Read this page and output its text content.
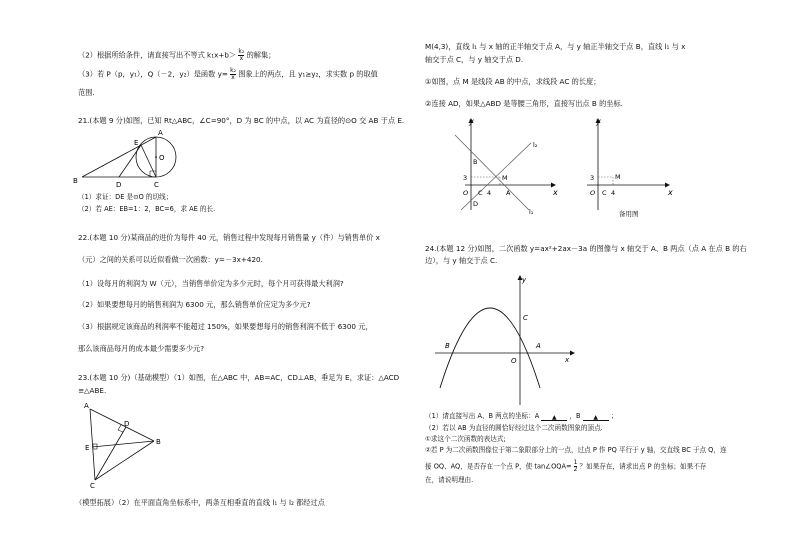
（2）根据所给条件，请直接写出不等式 $k_1x+b> \frac{\text{k₂}}{x}$ 的解集；
（3）若 P（p，y₁），Q（－2，y₂）是函数 $y= \frac{\text{k₂}}{x}$ 图象上的两点，且 y₁≥y₂，求实数 p 的取值
范围.
21.(本题 9 分)如图，已知 Rt△ABC，∠C=90°，D 为 BC 的中点，以 AC 为直径的⊙O 交 AB 于点 E.
A
E
O
B	D	C
（1）求证：DE 是⊙O 的切线；
（2）若 AE：EB=1：2，BC=6，求 AE 的长.
22.(本题 10 分)某商品的进价为每件 40 元，销售过程中发现每月销售量 y（件）与销售单价 x
（元）之间的关系可以近似看做一次函数：y=－3x+420.
（1）设每月的利润为 W（元），当销售单价定为多少元时，每个月可获得最大利润?
（2）如果要想每月的销售利润为 6300 元，那么销售单价应定为多少元?
（3）根据规定该商品的利润率不能超过 150%，如果要想每月的销售利润不低于 6300 元，
那么该商品每月的成本最少需要多少元?
23.(本题 10 分)（基础模型）（1）如图，在△ABC 中，AB=AC，CD⊥AB，垂足为 E，求证：△ACD
≌△ABE.
A
D
E
B
C
（模型拓展）（2）在平面直角坐标系中，两条互相垂直的直线 l₁ 与 l₂ 都经过点
M(4,3)，直线 l₁ 与 x 轴的正半轴交于点 A，与 y 轴正半轴交于点 B，直线 l₁ 与 x
轴交于点 C，与 y 轴交于点 D.
①如图，点 M 是线段 AB 的中点，求线段 AC 的长度；
②连接 AD，如果△ABD 是等腰三角形，直接写出点 B 的坐标.
y
x
O C 4 A
B
D
M
3
l₂
l₁
y
x
O C 4
M
3
备用图
24.(本题 12 分)如图，二次函数 y=ax²+2ax－3a 的图像与 x 轴交于 A、B 两点（点 A 在点 B 的右
边），与 y 轴交于点 C.
y
x
B
O
A
C
（1）请直接写出 A、B 两点的坐标：A ▲ ，B ▲ ；
（2）若以 AB 为直径的圆恰好经过这个二次函数图象的顶点.
①求这个二次函数的表达式;
②若 P 为二次函数图像位于第二象限部分上的一点，过点 P 作 PQ 平行于 y 轴，交直线 BC 于点 Q，连
接 OQ、AQ，是否存在一个点 P，使 tan∠OQA= $\frac{1}{2}$ ？如果存在，请求出点 P 的坐标；如果不存
在，请说明理由.
